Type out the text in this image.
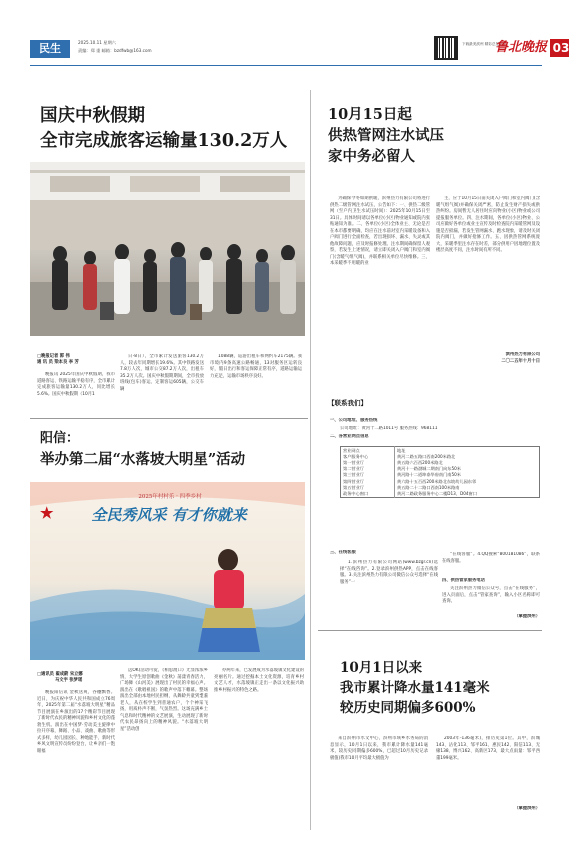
民生	2025.10.11 星期六
责编：郑 重 邮箱：bzdfwb@163.com
下载最美滨州 精彩总是陪伴
鲁北晚报 03
国庆中秋假期
全市完成旅客运输量130.2万人
□晚报记者 郭 伟
通 讯 员 梁本良 李 芳

晚报讯 2025年国庆中秋假期，我市道路客运、铁路运输平稳有序，全市累计完成旅客运输量130.2万人，同比增长5.6%。国庆中秋假期（10月1

日-8日），全市累计发送旅客130.2万人，较去年同期增长19.6%。其中铁路发送7.8万人次，城市公交87.2万人次，出租车35.2万人次。国庆中秋假期期间，全市投放班线(包车)客运、定制客运605辆，公交车辆

1088辆，巡游出租车和网约车2175辆。我市境内9条高速公路畅通，13对服务区运转良好，假日出行和客运保障正常有序，道路运输运力充足，运输市场秩序良好。

阳信：
举办第二届“水落坡大明星”活动
★
2025年村村乐 · 四季乡村
全民秀风采 有才你就来
□通讯员 翟成蔚 宋立娜
马文宇 张梦瑶

晚报阳信讯 金秋送爽，谷穗飘香。近日，为庆祝中华人民共和国成立76周年，2025年第二届“水落坡大明星”精品节目展演在乡演出的17个精彩节目展现了新时代农民的精神风貌和乡村文化的蓬勃生机。演出在中国梦·劳动美主旋律中拉开序幕，舞蹈、小品、戏曲、歌曲等形式多样，幼儿园园长、种地能手、新时代乡风文明宣传员纷纷登台，让乡亲们一饱眼福

远OK)活动可爱，《相思渡口》尤显浓浓乡情，大学生原创歌曲《金秋》荡漾青春活力，广场舞《山河美》展现出了村民的幸福心声。演出在《歌唱祖国》的歌声中落下帷幕。整场演出全部由本地村民担纲，从舞龄共童到耄耋老人，从在校学生到普通农户，个个神采飞扬，用质朴声不断，气氛热烈。这场充满乡土气息和时代精神的文艺展演，生动展现了新时代农民昂扬向上的精神风貌。“水落坡大明星”活动创

办两年来，已发展成为水落坡镇文化建设的亮丽名片。通过挖掘本土文化资源，培育乡村文艺人才，水落坡镇正走出一条以文化振兴助推乡村振兴的特色之路。

10月15日起
供热管网注水试压
家中务必留人

为确保今冬如期供暖，滨州热力有限公司将进行供热二级管网注水试压，公告如下：一、供热二级管网（至户内卫生水试压时间）：2025年10月15日至31日。具体时间请以各单位(小区)物业通知或院内张贴通知为准。二、各单位(小区)全体业主、无论是否在本市都要明确，均应在注水前对室内采暖设备和入户阀门进行全面检查，若出现损坏、漏水、失灵或其他故障问题，应及时报修处理。注水期间确保留人观察，若发生上述情况，请立即关闭入户阀门和室内阀门(含暖气组气阀)，并联系相关单位尽快维修。三、本采暖季不用暖的业

主，应于10月15日前关闭入户阀门和室内阀门(含暖气组气阀)并确保关闭严密，防止发生财产损失或供热纠纷。房间暂无人居住时应向物业(小区)物业或公司提报服务单位。四、注水期间，各单位(小区)物业、公司应做好各单位或业主宣传及时检查院内采暖管网及设施是否损漏，若发生管网漏水、跑水现象，请及时关闭院内阀门，并做好抢修工作。五、因供热管网系统庞大，采暖季里注水存在时差，部分供用户因地理位置及楼层高度不同，注水时间有所不同。

滨州热力有限公司
二〇二五年十月十日
【联系我们】
一、公司地址、服务热线
公司地址：黄河十二路1011号 服务热线：968111
二、各营业网点信息
营业网点	地址
客户服务中心	黄河二路五路口西南200米路北
第一营业厅	黄五路六百西200米路北
第二营业厅	黄河十一路渤城二期南门向东50米
第三营业厅	黄河路十二道坤泰华府南门南50米
第四营业厅	黄六路十五百西200米路北东坡幼儿园东邻
第五营业厅	黄五路二十二路口西南100米路南
政务中心窗口	黄河二路政务服务中心二楼D13、D04窗口
三、在线客服

1.滨州热力有限公司网站(www.bzgr.cn)选择“在线咨询”。2.登录滨州供热APP，点击在线客服。3.关注滨州热力有限公司微信公众号选择“在线服务”一

“在线客服”。4.QQ搜索“800181086”，联系在线客服。

四、供热管家服务电话

关注滨州热力微信公众号，点击“在线服务”，进入页面后，点击“管家查询”，输入小区名称即可查询。

（掌握滨州）
10月1日以来
我市累计降水量141毫米
较历史同期偏多600%

来自滨州市水文中心，滨州市域乡水务局的消息显示，10月1日以来，我市累计降水量141毫米，较历史同期偏多600%，已超过10月历史记录极值(我市10月平均最大极值为

2003年-136毫米)，排历史第1位。其中，滨城143、沾化113、邹平161、惠民142、阳信113、无棣138、博兴162、高新区173，最大点雨量：邹平西董199毫米。

（掌握滨州）
